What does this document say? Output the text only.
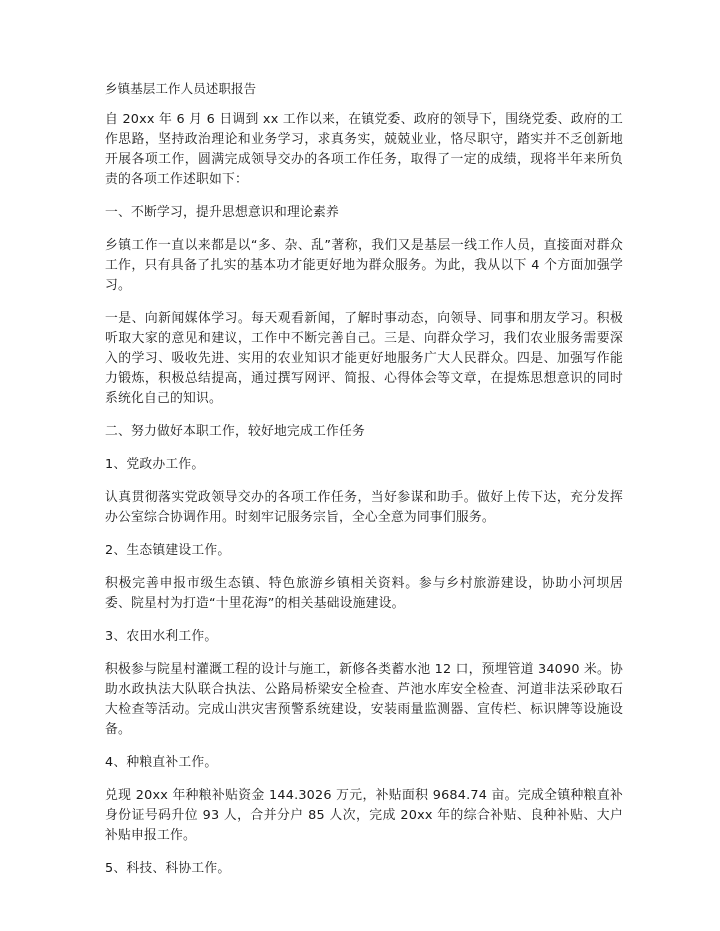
乡镇基层工作人员述职报告

自 20xx 年 6 月 6 日调到 xx 工作以来，在镇党委、政府的领导下，围绕党委、政府的工作思路，坚持政治理论和业务学习，求真务实，兢兢业业，恪尽职守，踏实并不乏创新地开展各项工作，圆满完成领导交办的各项工作任务，取得了一定的成绩，现将半年来所负责的各项工作述职如下：

一、不断学习，提升思想意识和理论素养

乡镇工作一直以来都是以“多、杂、乱”著称，我们又是基层一线工作人员，直接面对群众工作，只有具备了扎实的基本功才能更好地为群众服务。为此，我从以下 4 个方面加强学习。

一是、向新闻媒体学习。每天观看新闻，了解时事动态，向领导、同事和朋友学习。积极听取大家的意见和建议，工作中不断完善自己。三是、向群众学习，我们农业服务需要深入的学习、吸收先进、实用的农业知识才能更好地服务广大人民群众。四是、加强写作能力锻炼，积极总结提高，通过撰写网评、简报、心得体会等文章，在提炼思想意识的同时系统化自己的知识。

二、努力做好本职工作，较好地完成工作任务
1、党政办工作。

认真贯彻落实党政领导交办的各项工作任务，当好参谋和助手。做好上传下达，充分发挥办公室综合协调作用。时刻牢记服务宗旨，全心全意为同事们服务。

2、生态镇建设工作。

积极完善申报市级生态镇、特色旅游乡镇相关资料。参与乡村旅游建设，协助小河坝居委、院星村为打造“十里花海”的相关基础设施建设。

3、农田水利工作。

积极参与院星村灌溉工程的设计与施工，新修各类蓄水池 12 口，预埋管道 34090 米。协助水政执法大队联合执法、公路局桥梁安全检查、芦池水库安全检查、河道非法采砂取石大检查等活动。完成山洪灾害预警系统建设，安装雨量监测器、宣传栏、标识牌等设施设备。

4、种粮直补工作。

兑现 20xx 年种粮补贴资金 144.3026 万元，补贴面积 9684.74 亩。完成全镇种粮直补身份证号码升位 93 人，合并分户 85 人次，完成 20xx 年的综合补贴、良种补贴、大户补贴申报工作。

5、科技、科协工作。
